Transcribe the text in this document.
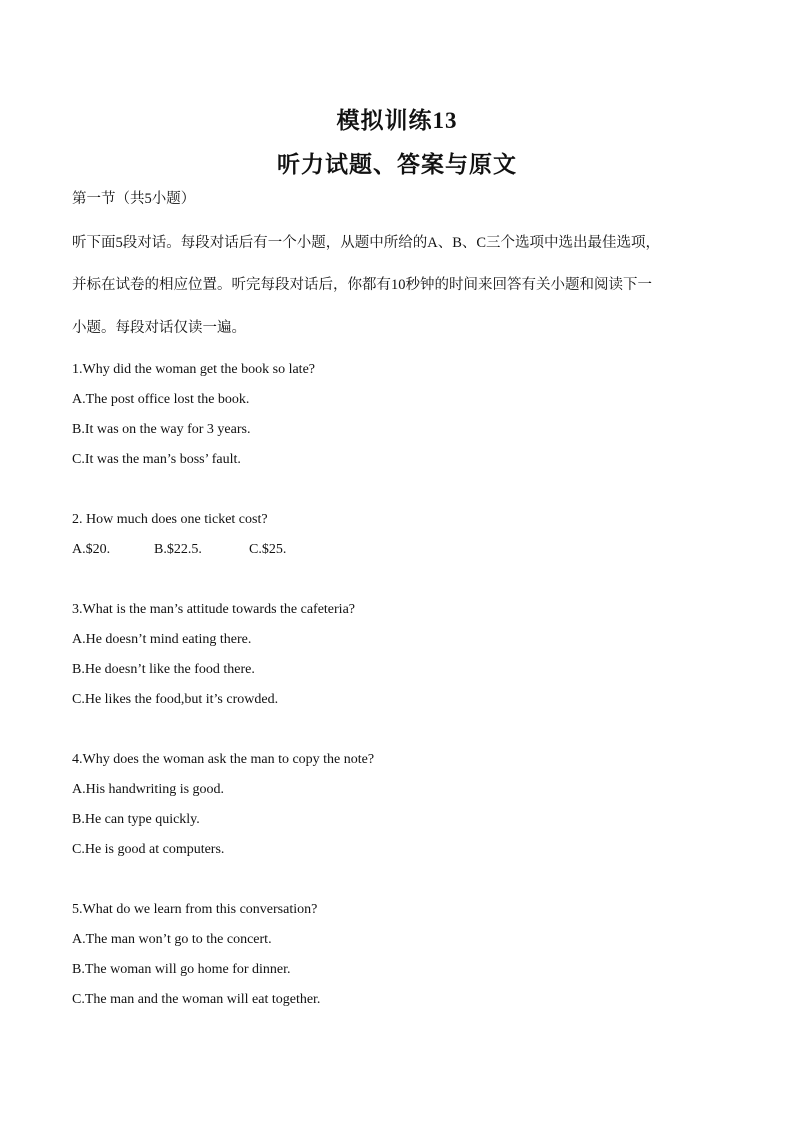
模拟训练13
听力试题、答案与原文
第一节（共5小题）
听下面5段对话。每段对话后有一个小题，从题中所给的A、B、C三个选项中选出最佳选项，
并标在试卷的相应位置。听完每段对话后，你都有10秒钟的时间来回答有关小题和阅读下一
小题。每段对话仅读一遍。
1.Why did the woman get the book so late?
A.The post office lost the book.
B.It was on the way for 3 years.
C.It was the man’s boss’ fault.
2. How much does one ticket cost?
A.$20.	B.$22.5.	C.$25.
3.What is the man’s attitude towards the cafeteria?
A.He doesn’t mind eating there.
B.He doesn’t like the food there.
C.He likes the food,but it’s crowded.
4.Why does the woman ask the man to copy the note?
A.His handwriting is good.
B.He can type quickly.
C.He is good at computers.
5.What do we learn from this conversation?
A.The man won’t go to the concert.
B.The woman will go home for dinner.
C.The man and the woman will eat together.
